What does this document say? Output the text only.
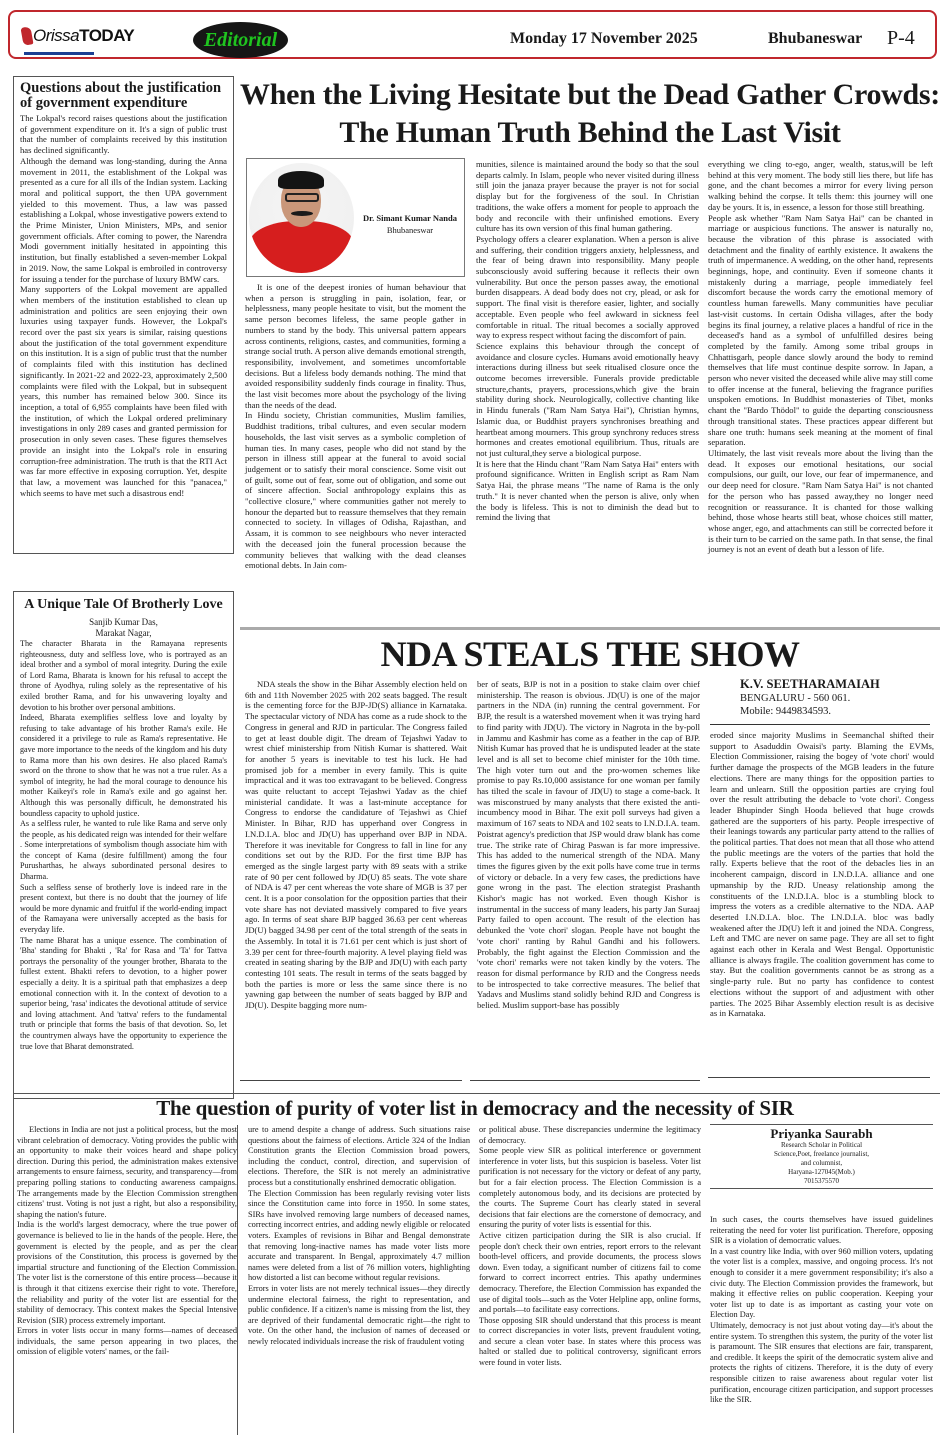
Orissa TODAY	Editorial	Monday 17 November 2025	Bhubaneswar P-4
Questions about the justification of government expenditure

The Lokpal's record raises questions about the justification of government expenditure on it. It's a sign of public trust that the number of complaints received by this institution has declined significantly.

Although the demand was long-standing, during the Anna movement in 2011, the establishment of the Lokpal was presented as a cure for all ills of the Indian system. Lacking moral and political support, the then UPA government yielded to this movement. Thus, a law was passed establishing a Lokpal, whose investigative powers extend to the Prime Minister, Union Ministers, MPs, and senior government officials. After coming to power, the Narendra Modi government initially hesitated in appointing this institution, but finally established a seven-member Lokpal in 2019. Now, the same Lokpal is embroiled in controversy for issuing a tender for the purchase of luxury BMW cars.

Many supporters of the Lokpal movement are appalled when members of the institution established to clean up administration and politics are seen enjoying their own luxuries using taxpayer funds. However, the Lokpal's record over the past six years is similar, raising questions about the justification of the total government expenditure on this institution. It is a sign of public trust that the number of complaints filed with this institution has declined significantly. In 2021-22 and 2022-23, approximately 2,500 complaints were filed with the Lokpal, but in subsequent years, this number has remained below 300. Since its inception, a total of 6,955 complaints have been filed with the institution, of which the Lokpal ordered preliminary investigations in only 289 cases and granted permission for prosecution in only seven cases. These figures themselves provide an insight into the Lokpal's role in ensuring corruption-free administration. The truth is that the RTI Act was far more effective in exposing corruption. Yet, despite that law, a movement was launched for this "panacea," which seems to have met such a disastrous end!

A Unique Tale Of Brotherly Love
Sanjib Kumar Das,
Marakat Nagar,

The character Bharata in the Ramayana represents righteousness, duty and selfless love, who is portrayed as an ideal brother and a symbol of moral integrity. During the exile of Lord Rama, Bharata is known for his refusal to accept the throne of Ayodhya, ruling solely as the representative of his exiled brother Rama, and for his unwavering loyalty and devotion to his brother over personal ambitions.

Indeed, Bharata exemplifies selfless love and loyalty by refusing to take advantage of his brother Rama's exile. He considered it a privilege to rule as Rama's representative. He gave more importance to the needs of the kingdom and his duty to Rama more than his own desires. He also placed Rama's sword on the throne to show that he was not a true ruler. As a symbol of integrity, he had the moral courage to denounce his mother Kaikeyi's role in Rama's exile and go against her. Although this was personally difficult, he demonstrated his boundless capacity to uphold justice.

As a selfless ruler, he wanted to rule like Rama and serve only the people, as his dedicated reign was intended for their welfare . Some interpretations of symbolism though associate him with the concept of Kama (desire fulfillment) among the four Purusharthas, he always subordinated personal desires to Dharma.

Such a selfless sense of brotherly love is indeed rare in the present context, but there is no doubt that the journey of life would be more dynamic and fruitful if the world-ending impact of the Ramayana were universally accepted as the basis for everyday life.

The name Bharat has a unique essence. The combination of 'Bha' standing for Bhakti , 'Ra' for Rasa and 'Ta' for Tattva portrays the personality of the younger brother, Bharata to the fullest extent. Bhakti refers to devotion, to a higher power especially a deity. It is a spiritual path that emphasizes a deep emotional connection with it. In the context of devotion to a superior being, 'rasa' indicates the devotional attitude of service and loving attachment. And 'tattva' refers to the fundamental truth or principle that forms the basis of that devotion. So, let the countrymen always have the opportunity to experience the true love that Bharat demonstrated.

When the Living Hesitate but the Dead Gather Crowds: The Human Truth Behind the Last Visit
Dr. Simant Kumar Nanda
Bhubaneswar

It is one of the deepest ironies of human behaviour that when a person is struggling in pain, isolation, fear, or helplessness, many people hesitate to visit, but the moment the same person becomes lifeless, the same people gather in numbers to stand by the body. This universal pattern appears across continents, religions, castes, and communities, forming a strange social truth. A person alive demands emotional strength, responsibility, involvement, and sometimes uncomfortable decisions. But a lifeless body demands nothing. The mind that avoided responsibility suddenly finds courage in finality. Thus, the last visit becomes more about the psychology of the living than the needs of the dead.

In Hindu society, Christian communities, Muslim families, Buddhist traditions, tribal cultures, and even secular modern households, the last visit serves as a symbolic completion of human ties. In many cases, people who did not stand by the person in illness still appear at the funeral to avoid social judgement or to satisfy their moral conscience. Some visit out of guilt, some out of fear, some out of obligation, and some out of sincere affection. Social anthropology explains this as "collective closure," where communities gather not merely to honour the departed but to reassure themselves that they remain connected to society. In villages of Odisha, Rajasthan, and Assam, it is common to see neighbours who never interacted with the deceased join the funeral procession because the community believes that walking with the dead cleanses emotional debts. In Jain com-

munities, silence is maintained around the body so that the soul departs calmly. In Islam, people who never visited during illness still join the janaza prayer because the prayer is not for social display but for the forgiveness of the soul. In Christian traditions, the wake offers a moment for people to approach the body and reconcile with their unfinished emotions. Every culture has its own version of this final human gathering.

Psychology offers a clearer explanation. When a person is alive and suffering, their condition triggers anxiety, helplessness, and the fear of being drawn into responsibility. Many people subconsciously avoid suffering because it reflects their own vulnerability. But once the person passes away, the emotional burden disappears. A dead body does not cry, plead, or ask for support. The final visit is therefore easier, lighter, and socially acceptable. Even people who feel awkward in sickness feel comfortable in ritual. The ritual becomes a socially approved way to express respect without facing the discomfort of pain.

Science explains this behaviour through the concept of avoidance and closure cycles. Humans avoid emotionally heavy interactions during illness but seek ritualised closure once the outcome becomes irreversible. Funerals provide predictable structure,chants, prayers, processions,which give the brain stability during shock. Neurologically, collective chanting like in Hindu funerals ("Ram Nam Satya Hai"), Christian hymns, Islamic dua, or Buddhist prayers synchronises breathing and heartbeat among mourners. This group synchrony reduces stress hormones and creates emotional equilibrium. Thus, rituals are not just cultural,they serve a biological purpose.

It is here that the Hindu chant "Ram Nam Satya Hai" enters with profound significance. Written in English script as Ram Nam Satya Hai, the phrase means "The name of Rama is the only truth." It is never chanted when the person is alive, only when the body is lifeless. This is not to diminish the dead but to remind the living that

everything we cling to-ego, anger, wealth, status,will be left behind at this very moment. The body still lies there, but life has gone, and the chant becomes a mirror for every living person walking behind the corpse. It tells them: this journey will one day be yours. It is, in essence, a lesson for those still breathing.

People ask whether "Ram Nam Satya Hai" can be chanted in marriage or auspicious functions. The answer is naturally no, because the vibration of this phrase is associated with detachment and the finality of earthly existence. It awakens the truth of impermanence. A wedding, on the other hand, represents beginnings, hope, and continuity. Even if someone chants it mistakenly during a marriage, people immediately feel discomfort because the words carry the emotional memory of countless human farewells. Many communities have peculiar last-visit customs. In certain Odisha villages, after the body begins its final journey, a relative places a handful of rice in the deceased's hand as a symbol of unfulfilled desires being completed by the family. Among some tribal groups in Chhattisgarh, people dance slowly around the body to remind themselves that life must continue despite sorrow. In Japan, a person who never visited the deceased while alive may still come to offer incense at the funeral, believing the fragrance purifies unspoken emotions. In Buddhist monasteries of Tibet, monks chant the "Bardo Thödol" to guide the departing consciousness through transitional states. These practices appear different but share one truth: humans seek meaning at the moment of final separation.

Ultimately, the last visit reveals more about the living than the dead. It exposes our emotional hesitations, our social compulsions, our guilt, our love, our fear of impermanence, and our deep need for closure. "Ram Nam Satya Hai" is not chanted for the person who has passed away,they no longer need recognition or reassurance. It is chanted for those walking behind, those whose hearts still beat, whose choices still matter, whose anger, ego, and attachments can still be corrected before it is their turn to be carried on the same path. In that sense, the final journey is not an event of death but a lesson of life.

NDA STEALS THE SHOW

NDA steals the show in the Bihar Assembly election held on 6th and 11th November 2025 with 202 seats bagged. The result is the cementing force for the BJP-JD(S) alliance in Karnataka. The spectacular victory of NDA has come as a rude shock to the Congress in general and RJD in particular. The Congress failed to get at least double digit. The dream of Tejashwi Yadav to wrest chief ministership from Nitish Kumar is shattered. Wait for another 5 years is inevitable to test his luck. He had promised job for a member in every family. This is quite impractical and it was too extravagant to be believed. Congress was quite reluctant to accept Tejashwi Yadav as the chief ministerial candidate. It was a last-minute acceptance for Congress to endorse the candidature of Tejashwi as Chief Minister. In Bihar, RJD has upperhand over Congress in I.N.D.I.A. bloc and JD(U) has upperhand over BJP in NDA. Therefore it was inevitable for Congress to fall in line for any conditions set out by the RJD. For the first time BJP has emerged as the single largest party with 89 seats with a strike rate of 90 per cent followed by JD(U) 85 seats. The vote share of NDA is 47 per cent whereas the vote share of MGB is 37 per cent. It is a poor consolation for the opposition parties that their vote share has not deviated massively compared to five years ago. In terms of seat share BJP bagged 36.63 per cent whereas JD(U) bagged 34.98 per cent of the total strength of the seats in the Assembly. In total it is 71.61 per cent which is just short of 3.39 per cent for three-fourth majority. A level playing field was created in seating sharing by the BJP and JD(U) with each party contesting 101 seats. The result in terms of the seats bagged by both the parties is more or less the same since there is no yawning gap between the number of seats bagged by BJP and JD(U). Despite bagging more num-

ber of seats, BJP is not in a position to stake claim over chief ministership. The reason is obvious. JD(U) is one of the major partners in the NDA (in) running the central government. For BJP, the result is a watershed movement when it was trying hard to find parity with JD(U). The victory in Nagrota in the by-poll in Jammu and Kashmir has come as a feather in the cap of BJP. Nitish Kumar has proved that he is undisputed leader at the state level and is all set to become chief minister for the 10th time. The high voter turn out and the pro-women schemes like promise to pay Rs.10,000 assistance for one woman per family has tilted the scale in favour of JD(U) to stage a come-back. It was misconstrued by many analysts that there existed the anti-incumbency mood in Bihar. The exit poll surveys had given a maximum of 167 seats to NDA and 102 seats to I.N.D.I.A. team. Poistrat agency's prediction that JSP would draw blank has come true. The strike rate of Chirag Paswan is far more impressive. This has added to the numerical strength of the NDA. Many times the figures given by the exit polls have come true in terms of victory or debacle. In a very few cases, the predictions have gone wrong in the past. The election strategist Prashanth Kishor's magic has not worked. Even though Kishor is instrumental in the success of many leaders, his party Jan Suraaj Party failed to open account. The result of the election has debunked the 'vote chori' slogan. People have not bought the 'vote chori' ranting by Rahul Gandhi and his followers. Probably, the fight against the Election Commission and the 'vote chori' remarks were not taken kindly by the voters. The reason for dismal performance by RJD and the Congress needs to be introspected to take corrective measures. The belief that Yadavs and Muslims stand solidly behind RJD and Congress is belied. Muslim support-base has possibly

K.V. SEETHARAMAIAH
BENGALURU - 560 061.
Mobile: 9449834593.

eroded since majority Muslims in Seemanchal shifted their support to Asaduddin Owaisi's party. Blaming the EVMs, Election Commissioner, raising the bogey of 'vote chori' would further damage the prospects of the MGB leaders in the future elections. There are many things for the opposition parties to learn and unlearn. Still the opposition parties are crying foul over the result attributing the debacle to 'vote chori'. Congess leader Bhupinder Singh Hooda believed that huge crowds gathered are the supporters of his party. People irrespective of their leanings towards any particular party attend to the rallies of the political parties. That does not mean that all those who attend the public meetings are the voters of the parties that hold the rally. Experts believe that the root of the debacles lies in an incoherent campaign, discord in I.N.D.I.A. alliance and one upmanship by the RJD. Uneasy relationship among the constituents of the I.N.D.I.A. bloc is a stumbling block to impress the voters as a credible alternative to the NDA. AAP deserted I.N.D.I.A. bloc. The I.N.D.I.A. bloc was badly weakened after the JD(U) left it and joined the NDA. Congress, Left and TMC are never on same page. They are all set to fight against each other in Kerala and West Bengal. Opportunistic alliance is always fragile. The coalition government has come to stay. But the coalition governments cannot be as strong as a single-party rule. But no party has confidence to contest elections without the support of and adjustment with other parties. The 2025 Bihar Assembly election result is as decisive as in Karnataka.

The question of purity of voter list in democracy and the necessity of SIR

Elections in India are not just a political process, but the most vibrant celebration of democracy. Voting provides the public with an opportunity to make their voices heard and shape policy direction. During this period, the administration makes extensive arrangements to ensure fairness, security, and transparency—from preparing polling stations to conducting awareness campaigns. The arrangements made by the Election Commission strengthen citizens' trust. Voting is not just a right, but also a responsibility, shaping the nation's future.

India is the world's largest democracy, where the true power of governance is believed to lie in the hands of the people. Here, the government is elected by the people, and as per the clear provisions of the Constitution, this process is governed by the impartial structure and functioning of the Election Commission. The voter list is the cornerstone of this entire process—because it is through it that citizens exercise their right to vote. Therefore, the reliability and purity of the voter list are essential for the stability of democracy. This context makes the Special Intensive Revision (SIR) process extremely important.

Errors in voter lists occur in many forms—names of deceased individuals, the same person appearing in two places, the omission of eligible voters' names, or the fail-

ure to amend despite a change of address. Such situations raise questions about the fairness of elections. Article 324 of the Indian Constitution grants the Election Commission broad powers, including the conduct, control, direction, and supervision of elections. Therefore, the SIR is not merely an administrative process but a constitutionally enshrined democratic obligation.

The Election Commission has been regularly revising voter lists since the Constitution came into force in 1950. In some states, SIRs have involved removing large numbers of deceased names, correcting incorrect entries, and adding newly eligible or relocated voters. Examples of revisions in Bihar and Bengal demonstrate that removing long-inactive names has made voter lists more accurate and transparent. In Bengal, approximately 4.7 million names were deleted from a list of 76 million voters, highlighting how distorted a list can become without regular revisions.

Errors in voter lists are not merely technical issues—they directly undermine electoral fairness, the right to representation, and public confidence. If a citizen's name is missing from the list, they are deprived of their fundamental democratic right—the right to vote. On the other hand, the inclusion of names of deceased or newly relocated individuals increase the risk of fraudulent voting

or political abuse. These discrepancies undermine the legitimacy of democracy.

Some people view SIR as political interference or government interference in voter lists, but this suspicion is baseless. Voter list purification is not necessary for the victory or defeat of any party, but for a fair election process. The Election Commission is a completely autonomous body, and its decisions are protected by the courts. The Supreme Court has clearly stated in several decisions that fair elections are the cornerstone of democracy, and ensuring the purity of voter lists is essential for this.

Active citizen participation during the SIR is also crucial. If people don't check their own entries, report errors to the relevant booth-level officers, and provide documents, the process slows down. Even today, a significant number of citizens fail to come forward to correct incorrect entries. This apathy undermines democracy. Therefore, the Election Commission has expanded the use of digital tools—such as the Voter Helpline app, online forms, and portals—to facilitate easy corrections.

Those opposing SIR should understand that this process is meant to correct discrepancies in voter lists, prevent fraudulent voting, and secure a clean voter base. In states where this process was halted or stalled due to political controversy, significant errors were found in voter lists.

Priyanka Saurabh
Research Scholar in Political
Science,Poet, freelance journalist,
and columnist,
Haryana-127045(Mob.)
7015375570

In such cases, the courts themselves have issued guidelines reiterating the need for voter list purification. Therefore, opposing SIR is a violation of democratic values.

In a vast country like India, with over 960 million voters, updating the voter list is a complex, massive, and ongoing process. It's not enough to consider it a mere government responsibility; it's also a civic duty. The Election Commission provides the framework, but making it effective relies on public cooperation. Keeping your voter list up to date is as important as casting your vote on Election Day.

Ultimately, democracy is not just about voting day—it's about the entire system. To strengthen this system, the purity of the voter list is paramount. The SIR ensures that elections are fair, transparent, and credible. It keeps the spirit of the democratic system alive and protects the rights of citizens. Therefore, it is the duty of every responsible citizen to raise awareness about regular voter list purification, encourage citizen participation, and support processes like the SIR.
